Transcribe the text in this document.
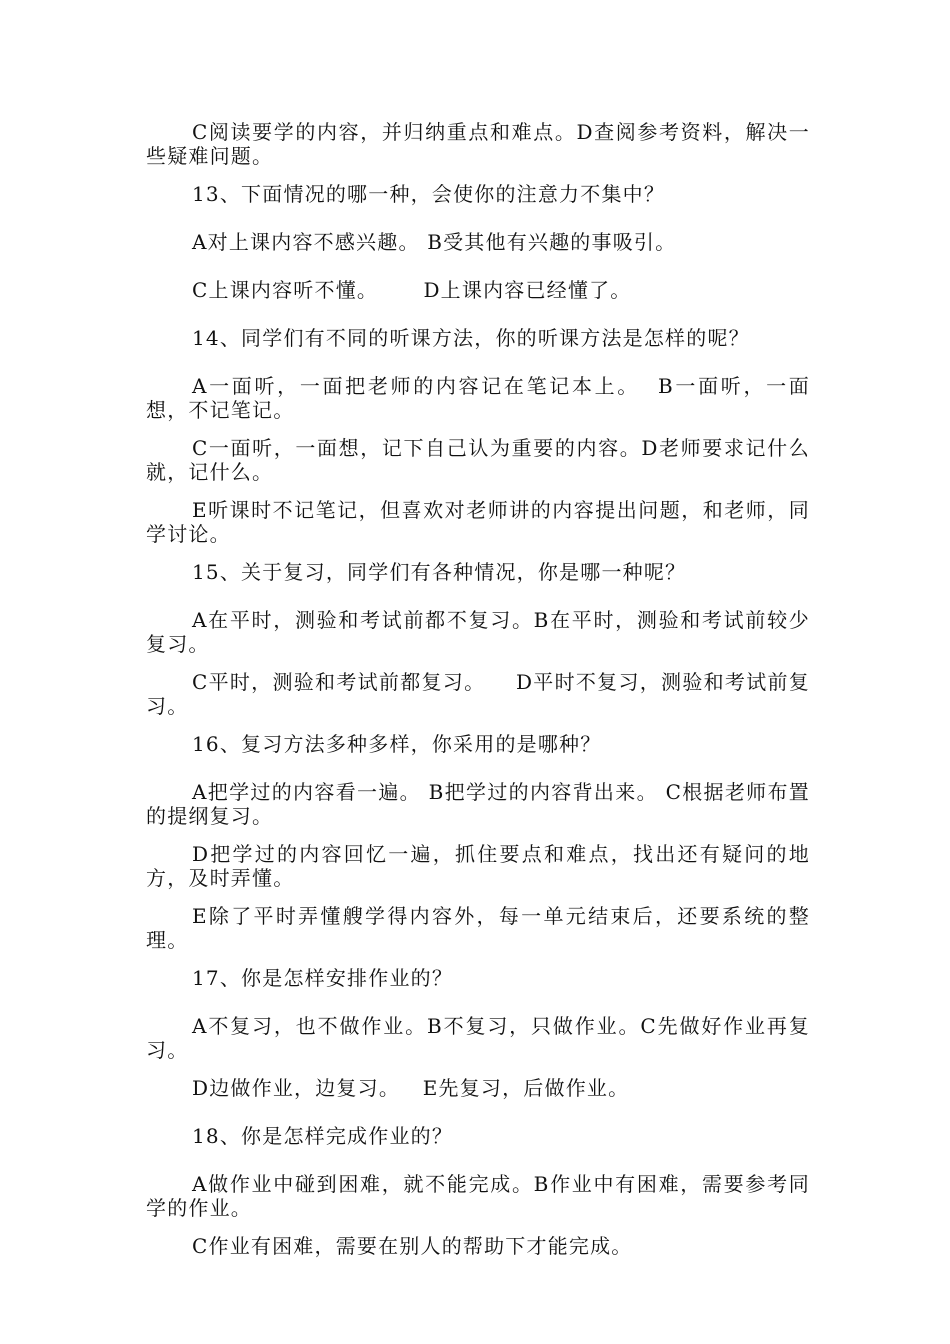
C阅读要学的内容，并归纳重点和难点。D查阅参考资料，解决一些疑难问题。

13、下面情况的哪一种，会使你的注意力不集中？

A对上课内容不感兴趣。 B受其他有兴趣的事吸引。

C上课内容听不懂。      D上课内容已经懂了。

14、同学们有不同的听课方法，你的听课方法是怎样的呢？

A一面听，一面把老师的内容记在笔记本上。  B一面听，一面想，不记笔记。

C一面听，一面想，记下自己认为重要的内容。D老师要求记什么就，记什么。

E听课时不记笔记，但喜欢对老师讲的内容提出问题，和老师，同学讨论。

15、关于复习，同学们有各种情况，你是哪一种呢？

A在平时，测验和考试前都不复习。B在平时，测验和考试前较少复习。

C平时，测验和考试前都复习。    D平时不复习，测验和考试前复习。

16、复习方法多种多样，你采用的是哪种？

A把学过的内容看一遍。 B把学过的内容背出来。 C根据老师布置的提纲复习。

D把学过的内容回忆一遍，抓住要点和难点，找出还有疑问的地方，及时弄懂。

E除了平时弄懂艘学得内容外，每一单元结束后，还要系统的整理。

17、你是怎样安排作业的？

A不复习，也不做作业。B不复习，只做作业。C先做好作业再复习。

D边做作业，边复习。   E先复习，后做作业。

18、你是怎样完成作业的？

A做作业中碰到困难，就不能完成。B作业中有困难，需要参考同学的作业。

C作业有困难，需要在别人的帮助下才能完成。
